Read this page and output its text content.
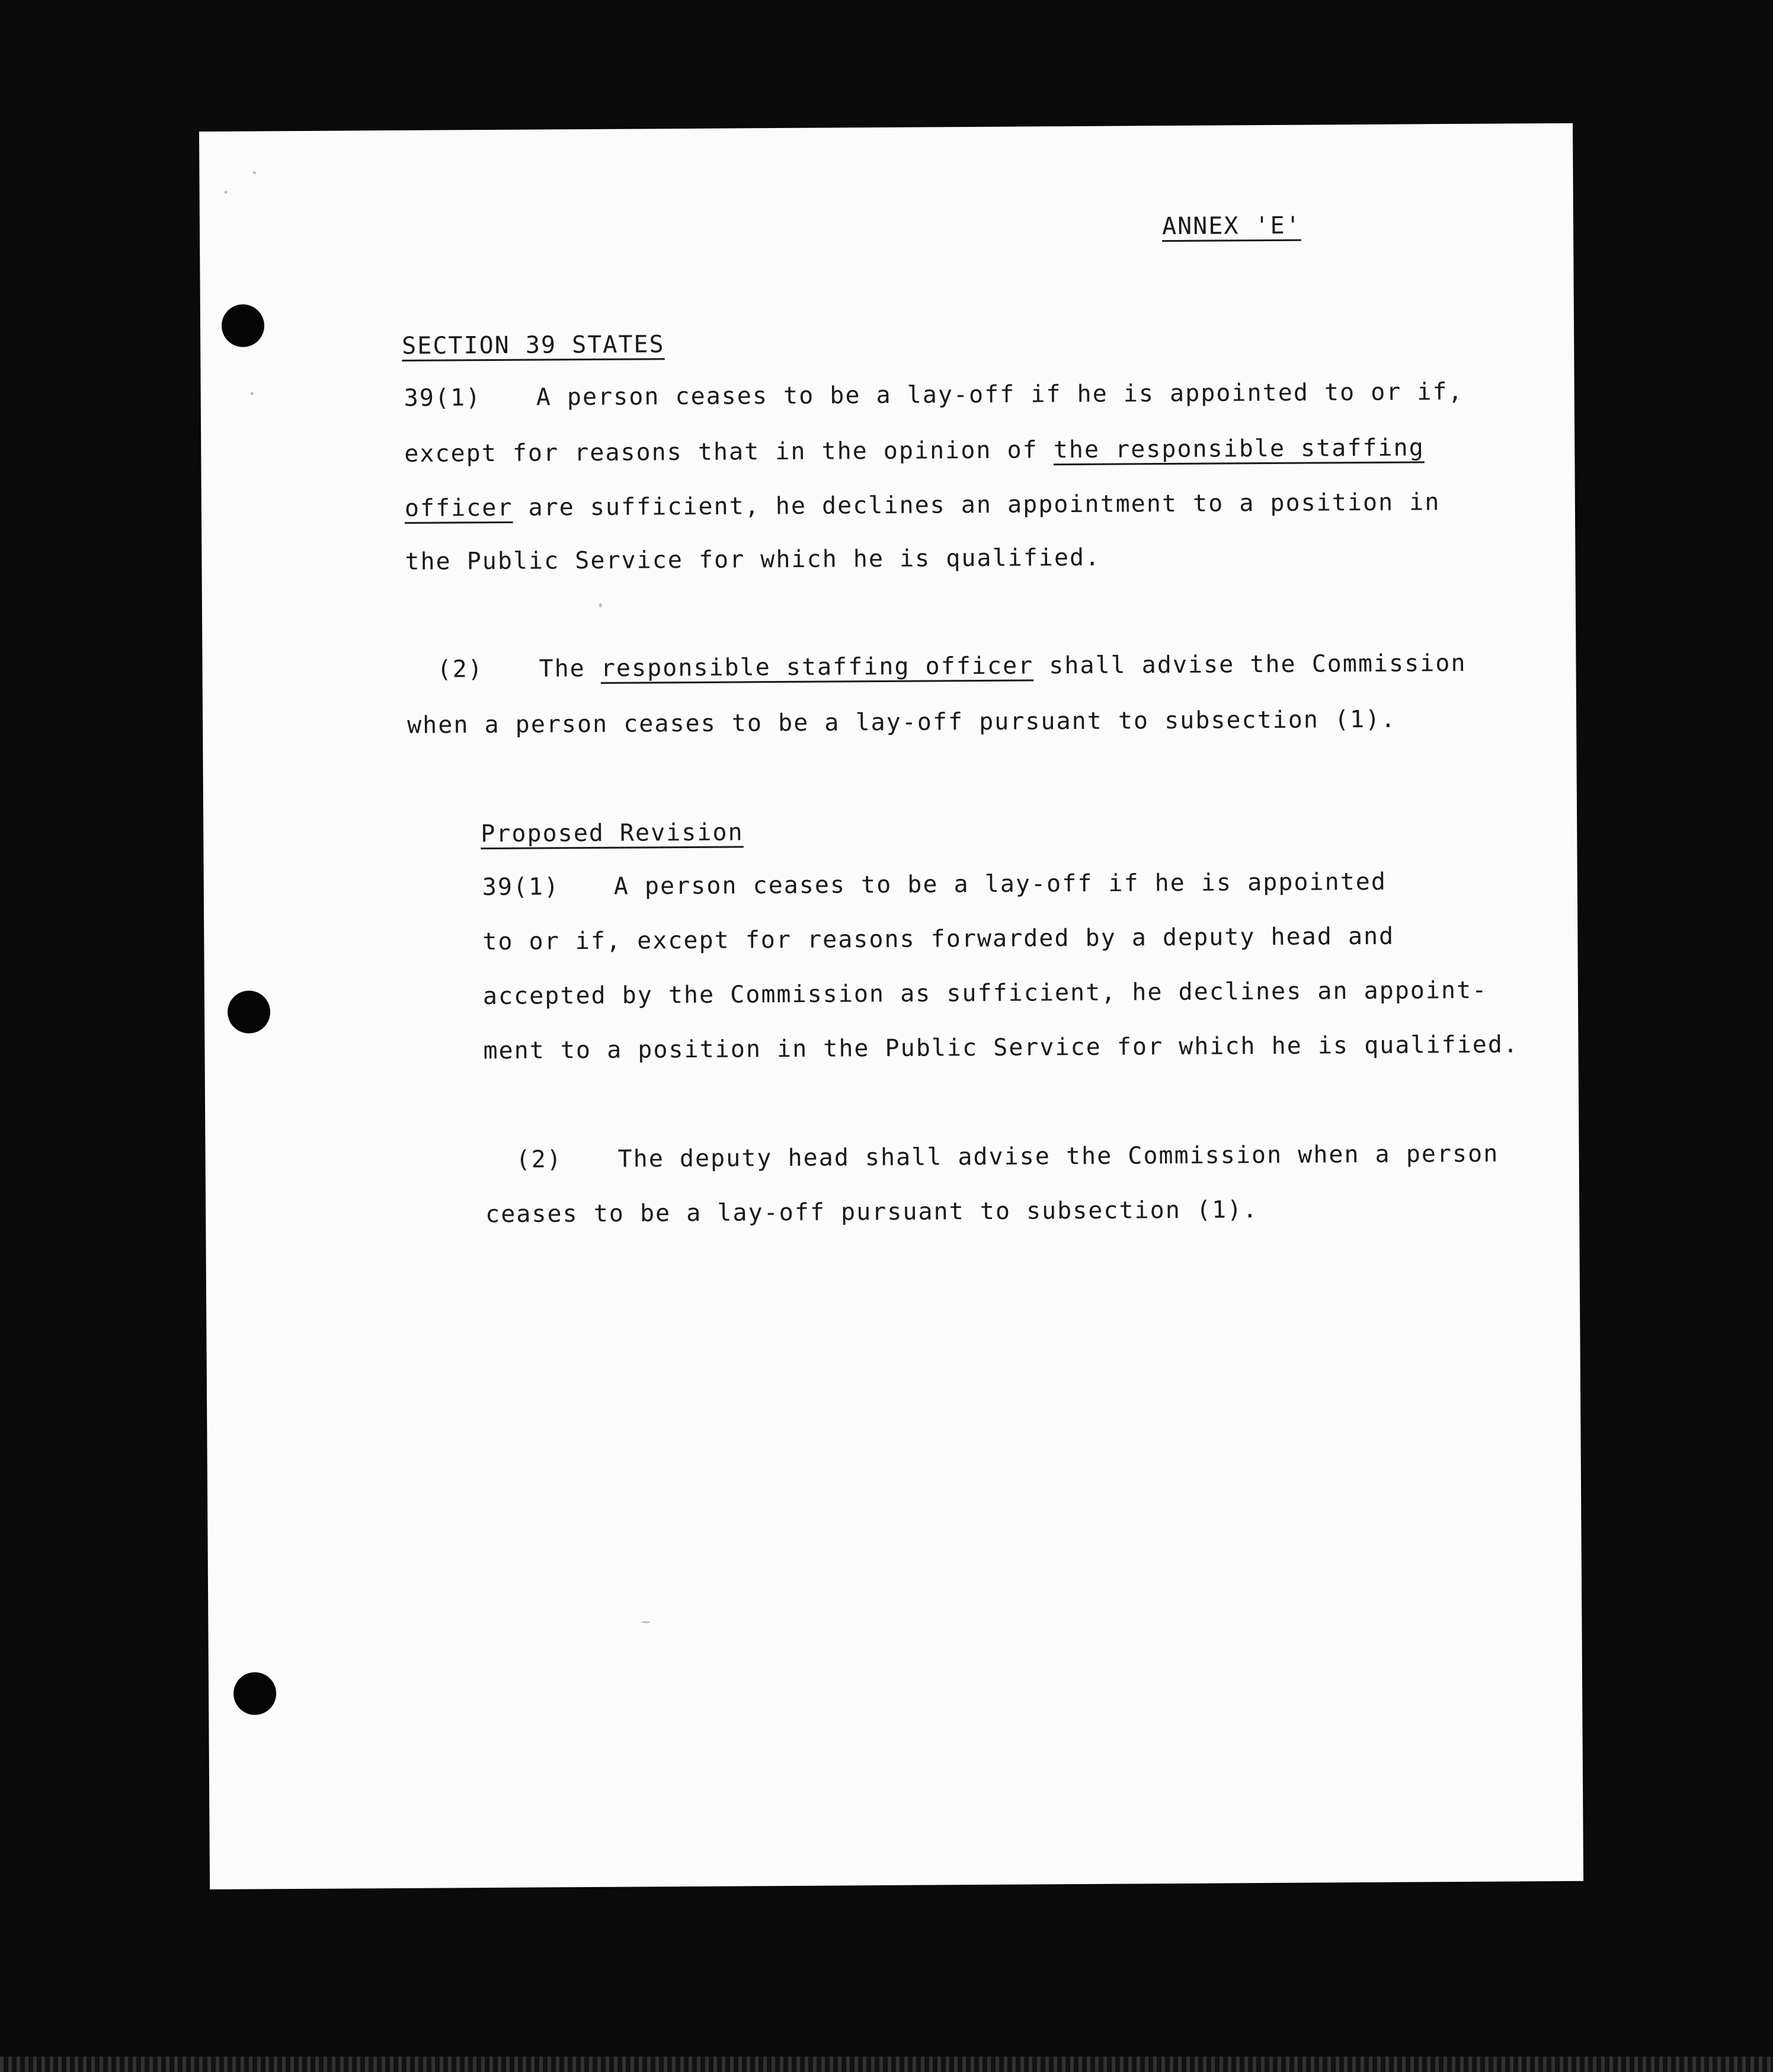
ANNEX 'E'
SECTION 39 STATES
39(1) A person ceases to be a lay-off if he is appointed to or if,
except for reasons that in the opinion of the responsible staffing
officer are sufficient, he declines an appointment to a position in
the Public Service for which he is qualified.
(2) The responsible staffing officer shall advise the Commission
when a person ceases to be a lay-off pursuant to subsection (1).
Proposed Revision
39(1) A person ceases to be a lay-off if he is appointed
to or if, except for reasons forwarded by a deputy head and
accepted by the Commission as sufficient, he declines an appoint-
ment to a position in the Public Service for which he is qualified.
(2) The deputy head shall advise the Commission when a person
ceases to be a lay-off pursuant to subsection (1).
